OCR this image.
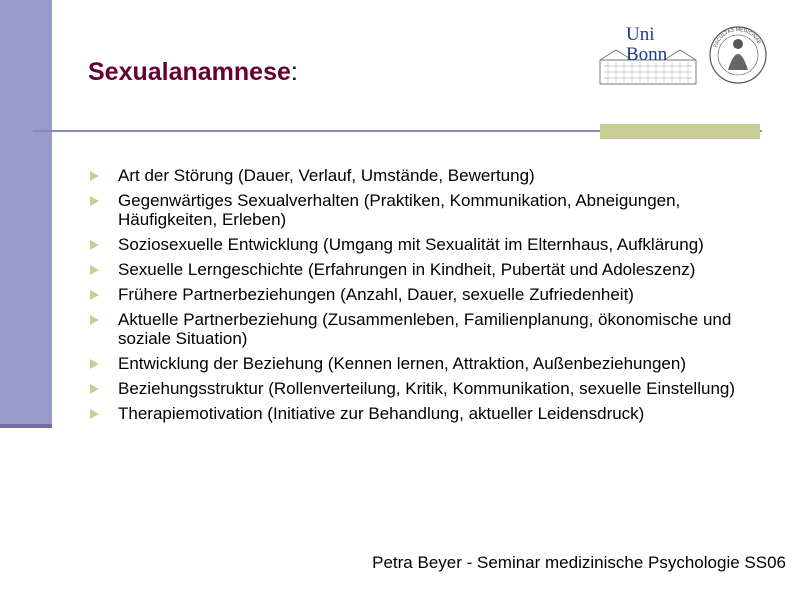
Sexualanamnese:
Uni
Bonn	FACULTAS MEDICINAE
Art der Störung (Dauer, Verlauf, Umstände, Bewertung)
Gegenwärtiges Sexualverhalten (Praktiken, Kommunikation, Abneigungen, Häufigkeiten, Erleben)
Soziosexuelle Entwicklung (Umgang mit Sexualität im Elternhaus, Aufklärung)
Sexuelle Lerngeschichte (Erfahrungen in Kindheit, Pubertät und Adoleszenz)
Frühere Partnerbeziehungen (Anzahl, Dauer, sexuelle Zufriedenheit)
Aktuelle Partnerbeziehung (Zusammenleben, Familienplanung, ökonomische und soziale Situation)
Entwicklung der Beziehung (Kennen lernen, Attraktion, Außenbeziehungen)
Beziehungsstruktur (Rollenverteilung, Kritik, Kommunikation, sexuelle Einstellung)
Therapiemotivation (Initiative zur Behandlung, aktueller Leidensdruck)
Petra Beyer - Seminar medizinische Psychologie SS06
